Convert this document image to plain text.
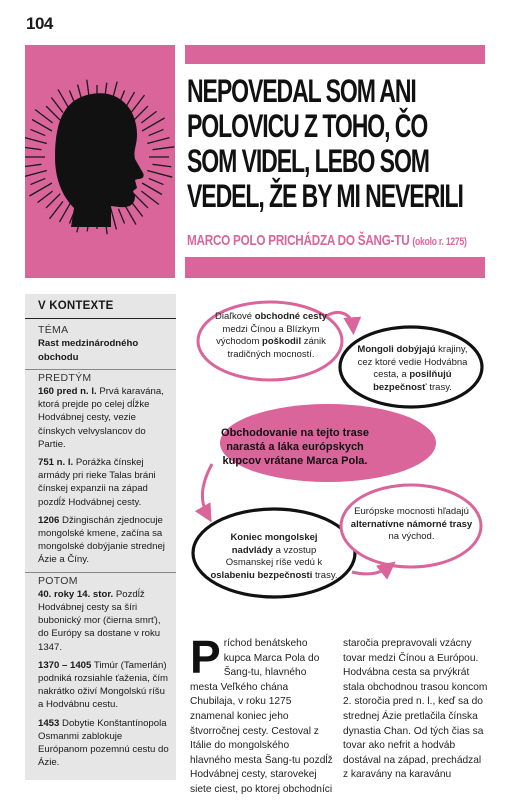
104
NEPOVEDAL SOM ANI
POLOVICU Z TOHO, ČO
SOM VIDEL, LEBO SOM
VEDEL, ŽE BY MI NEVERILI
MARCO POLO PRICHÁDZA DO ŠANG-TU (okolo r. 1275)
V KONTEXTE
TÉMA

Rast medzinárodného obchodu

PREDTÝM

160 pred n. l. Prvá karavána, ktorá prejde po celej dĺžke Hodvábnej cesty, vezie čínskych velvyslancov do Partie.

751 n. l. Porážka čínskej armády pri rieke Talas bráni čínskej expanzii na západ pozdĺž Hodvábnej cesty.

1206 Džingischán zjednocuje mongolské kmene, začína sa mongolské dobýjanie strednej Ázie a Číny.

POTOM

40. roky 14. stor. Pozdĺž Hodvábnej cesty sa šíri bubonický mor (čierna smrť), do Európy sa dostane v roku 1347.

1370 – 1405 Timúr (Tamerlán) podniká rozsiahle ťaženia, čím nakrátko oživí Mongolskú ríšu a Hodvábnu cestu.

1453 Dobytie Konštantínopola Osmanmi zablokuje Európanom pozemnú cestu do Ázie.

Diaľkové obchodné cesty medzi Čínou a Blízkym východom poškodil zánik tradičných mocností.	Mongoli dobýjajú krajiny, cez ktoré vedie Hodvábna cesta, a posilňujú bezpečnosť trasy.
Obchodovanie na tejto trase narastá a láka európskych kupcov vrátane Marca Pola.
Koniec mongolskej nadvlády a vzostup Osmanskej ríše vedú k oslabeniu bezpečnosti trasy.
Európske mocnosti hľadajú alternatívne námorné trasy na východ.
Príchod benátskeho kupca Marca Pola do Šang-tu, hlavného mesta Veľkého chána Chubilaja, v roku 1275 znamenal koniec jeho štvorročnej cesty. Cestoval z Itálie do mongolského hlavného mesta Šang-tu pozdĺž Hodvábnej cesty, starovekej siete ciest, po ktorej obchodníci
staročia prepravovali vzácny tovar medzi Čínou a Európou. Hodvábna cesta sa prvýkrát stala obchodnou trasou koncom 2. storočia pred n. l., keď sa do strednej Ázie pretlačila čínska dynastia Chan. Od tých čias sa tovar ako nefrit a hodváb dostával na západ, prechádzal z karavány na karavánu
